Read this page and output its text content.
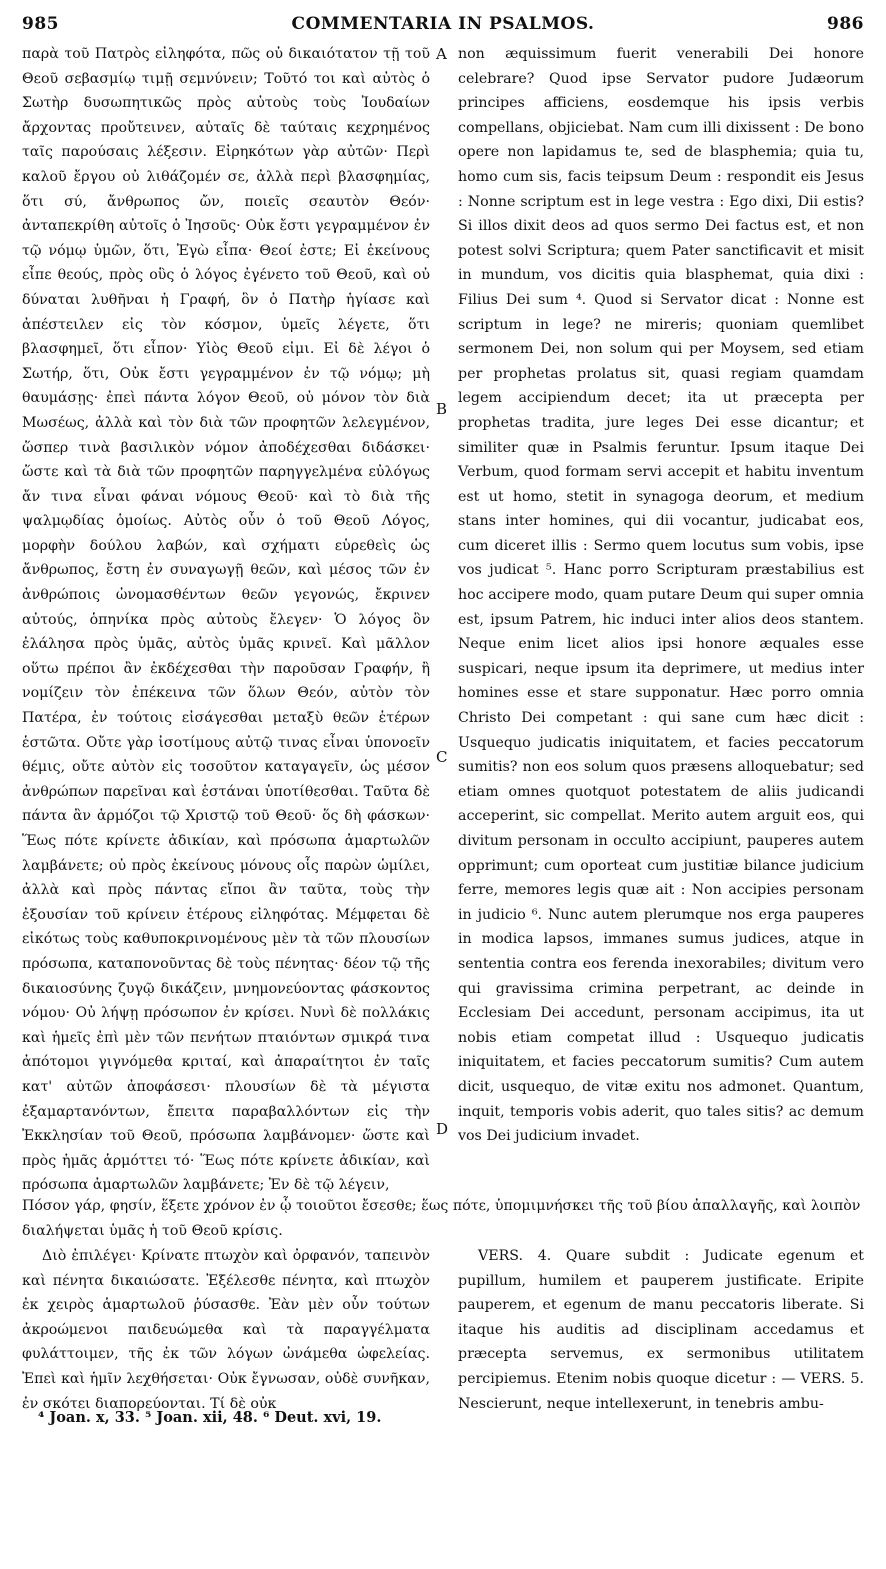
985	COMMENTARIA IN PSALMOS.	986

παρὰ τοῦ Πατρὸς εἰληφότα, πῶς οὐ δικαιότατον τῇ τοῦ Θεοῦ σεβασμίῳ τιμῇ σεμνύνειν; Τοῦτό τοι καὶ αὐτὸς ὁ Σωτὴρ δυσωπητικῶς πρὸς αὐτοὺς τοὺς Ἰουδαίων ἄρχοντας προὔτεινεν, αὐταῖς δὲ ταύταις κεχρημένος ταῖς παρούσαις λέξεσιν. Εἰρηκότων γὰρ αὐτῶν· Περὶ καλοῦ ἔργου οὐ λιθάζομέν σε, ἀλλὰ περὶ βλασφημίας, ὅτι σύ, ἄνθρωπος ὤν, ποιεῖς σεαυτὸν Θεόν· ἀνταπεκρίθη αὐτοῖς ὁ Ἰησοῦς· Οὐκ ἔστι γεγραμμένον ἐν τῷ νόμῳ ὑμῶν, ὅτι, Ἐγὼ εἶπα· Θεοί ἐστε; Εἰ ἐκείνους εἶπε θεούς, πρὸς οὓς ὁ λόγος ἐγένετο τοῦ Θεοῦ, καὶ οὐ δύναται λυθῆναι ἡ Γραφή, ὃν ὁ Πατὴρ ἡγίασε καὶ ἀπέστειλεν εἰς τὸν κόσμον, ὑμεῖς λέγετε, ὅτι βλασφημεῖ, ὅτι εἶπον· Υἱὸς Θεοῦ εἰμι. Εἰ δὲ λέγοι ὁ Σωτήρ, ὅτι, Οὐκ ἔστι γεγραμμένον ἐν τῷ νόμῳ; μὴ θαυμάσῃς· ἐπεὶ πάντα λόγον Θεοῦ, οὐ μόνον τὸν διὰ Μωσέως, ἀλλὰ καὶ τὸν διὰ τῶν προφητῶν λελεγμένον, ὥσπερ τινὰ βασιλικὸν νόμον ἀποδέχεσθαι διδάσκει· ὥστε καὶ τὰ διὰ τῶν προφητῶν παρηγγελμένα εὐλόγως ἄν τινα εἶναι φάναι νόμους Θεοῦ· καὶ τὸ διὰ τῆς ψαλμῳδίας ὁμοίως. Αὐτὸς οὖν ὁ τοῦ Θεοῦ Λόγος, μορφὴν δούλου λαβών, καὶ σχήματι εὑρεθεὶς ὡς ἄνθρωπος, ἔστη ἐν συναγωγῇ θεῶν, καὶ μέσος τῶν ἐν ἀνθρώποις ὠνομασθέντων θεῶν γεγονώς, ἔκρινεν αὐτούς, ὁπηνίκα πρὸς αὐτοὺς ἔλεγεν· Ὁ λόγος ὃν ἐλάλησα πρὸς ὑμᾶς, αὐτὸς ὑμᾶς κρινεῖ. Καὶ μᾶλλον οὕτω πρέποι ἂν ἐκδέχεσθαι τὴν παροῦσαν Γραφήν, ἢ νομίζειν τὸν ἐπέκεινα τῶν ὅλων Θεόν, αὐτὸν τὸν Πατέρα, ἐν τούτοις εἰσάγεσθαι μεταξὺ θεῶν ἑτέρων ἑστῶτα. Οὔτε γὰρ ἰσοτίμους αὐτῷ τινας εἶναι ὑπονοεῖν θέμις, οὔτε αὐτὸν εἰς τοσοῦτον καταγαγεῖν, ὡς μέσον ἀνθρώπων παρεῖναι καὶ ἑστάναι ὑποτίθεσθαι. Ταῦτα δὲ πάντα ἂν ἁρμόζοι τῷ Χριστῷ τοῦ Θεοῦ· ὅς δὴ φάσκων· Ἕως πότε κρίνετε ἀδικίαν, καὶ πρόσωπα ἁμαρτωλῶν λαμβάνετε; οὐ πρὸς ἐκείνους μόνους οἷς παρὼν ὡμίλει, ἀλλὰ καὶ πρὸς πάντας εἴποι ἂν ταῦτα, τοὺς τὴν ἐξουσίαν τοῦ κρίνειν ἑτέρους εἰληφότας. Μέμφεται δὲ εἰκότως τοὺς καθυποκρινομένους μὲν τὰ τῶν πλουσίων πρόσωπα, καταπονοῦντας δὲ τοὺς πένητας· δέον τῷ τῆς δικαιοσύνης ζυγῷ δικάζειν, μνημονεύοντας φάσκοντος νόμου· Οὐ λήψῃ πρόσωπον ἐν κρίσει. Νυνὶ δὲ πολλάκις καὶ ἡμεῖς ἐπὶ μὲν τῶν πενήτων πταιόντων σμικρά τινα ἀπότομοι γιγνόμεθα κριταί, καὶ ἀπαραίτητοι ἐν ταῖς κατ' αὐτῶν ἀποφάσεσι· πλουσίων δὲ τὰ μέγιστα ἐξαμαρτανόντων, ἔπειτα παραβαλλόντων εἰς τὴν Ἐκκλησίαν τοῦ Θεοῦ, πρόσωπα λαμβάνομεν· ὥστε καὶ πρὸς ἡμᾶς ἁρμόττει τό· Ἕως πότε κρίνετε ἀδικίαν, καὶ πρόσωπα ἁμαρτωλῶν λαμβάνετε; Ἐν δὲ τῷ λέγειν,

A
B
C
D

non æquissimum fuerit venerabili Dei honore celebrare? Quod ipse Servator pudore Judæorum principes afficiens, eosdemque his ipsis verbis compellans, objiciebat. Nam cum illi dixissent : De bono opere non lapidamus te, sed de blasphemia; quia tu, homo cum sis, facis teipsum Deum : respondit eis Jesus : Nonne scriptum est in lege vestra : Ego dixi, Dii estis? Si illos dixit deos ad quos sermo Dei factus est, et non potest solvi Scriptura; quem Pater sanctificavit et misit in mundum, vos dicitis quia blasphemat, quia dixi : Filius Dei sum ⁴. Quod si Servator dicat : Nonne est scriptum in lege? ne mireris; quoniam quemlibet sermonem Dei, non solum qui per Moysem, sed etiam per prophetas prolatus sit, quasi regiam quamdam legem accipiendum decet; ita ut præcepta per prophetas tradita, jure leges Dei esse dicantur; et similiter quæ in Psalmis feruntur. Ipsum itaque Dei Verbum, quod formam servi accepit et habitu inventum est ut homo, stetit in synagoga deorum, et medium stans inter homines, qui dii vocantur, judicabat eos, cum diceret illis : Sermo quem locutus sum vobis, ipse vos judicat ⁵. Hanc porro Scripturam præstabilius est hoc accipere modo, quam putare Deum qui super omnia est, ipsum Patrem, hic induci inter alios deos stantem. Neque enim licet alios ipsi honore æquales esse suspicari, neque ipsum ita deprimere, ut medius inter homines esse et stare supponatur. Hæc porro omnia Christo Dei competant : qui sane cum hæc dicit : Usquequo judicatis iniquitatem, et facies peccatorum sumitis? non eos solum quos præsens alloquebatur; sed etiam omnes quotquot potestatem de aliis judicandi acceperint, sic compellat. Merito autem arguit eos, qui divitum personam in occulto accipiunt, pauperes autem opprimunt; cum oporteat cum justitiæ bilance judicium ferre, memores legis quæ ait : Non accipies personam in judicio ⁶. Nunc autem plerumque nos erga pauperes in modica lapsos, immanes sumus judices, atque in sententia contra eos ferenda inexorabiles; divitum vero qui gravissima crimina perpetrant, ac deinde in Ecclesiam Dei accedunt, personam accipimus, ita ut nobis etiam competat illud : Usquequo judicatis iniquitatem, et facies peccatorum sumitis? Cum autem dicit, usquequo, de vitæ exitu nos admonet. Quantum, inquit, temporis vobis aderit, quo tales sitis? ac demum vos Dei judicium invadet.

Πόσον γάρ, φησίν, ἕξετε χρόνον ἐν ᾧ τοιοῦτοι ἔσεσθε; ἕως πότε, ὑπομιμνήσκει τῆς τοῦ βίου ἀπαλλαγῆς, καὶ λοιπὸν διαλήψεται ὑμᾶς ἡ τοῦ Θεοῦ κρίσις.

Διὸ ἐπιλέγει· Κρίνατε πτωχὸν καὶ ὀρφανόν, ταπεινὸν καὶ πένητα δικαιώσατε. Ἐξέλεσθε πένητα, καὶ πτωχὸν ἐκ χειρὸς ἁμαρτωλοῦ ῥύσασθε. Ἐὰν μὲν οὖν τούτων ἀκροώμενοι παιδευώμεθα καὶ τὰ παραγγέλματα φυλάττοιμεν, τῆς ἐκ τῶν λόγων ὠνάμεθα ὠφελείας. Ἐπεὶ καὶ ἡμῖν λεχθήσεται· Οὐκ ἔγνωσαν, οὐδὲ συνῆκαν, ἐν σκότει διαπορεύονται. Τί δὲ οὐκ

VERS. 4. Quare subdit : Judicate egenum et pupillum, humilem et pauperem justificate. Eripite pauperem, et egenum de manu peccatoris liberate. Si itaque his auditis ad disciplinam accedamus et præcepta servemus, ex sermonibus utilitatem percipiemus. Etenim nobis quoque dicetur : — VERS. 5. Nescierunt, neque intellexerunt, in tenebris ambu-

⁴ Joan. x, 33. ⁵ Joan. xii, 48. ⁶ Deut. xvi, 19.
